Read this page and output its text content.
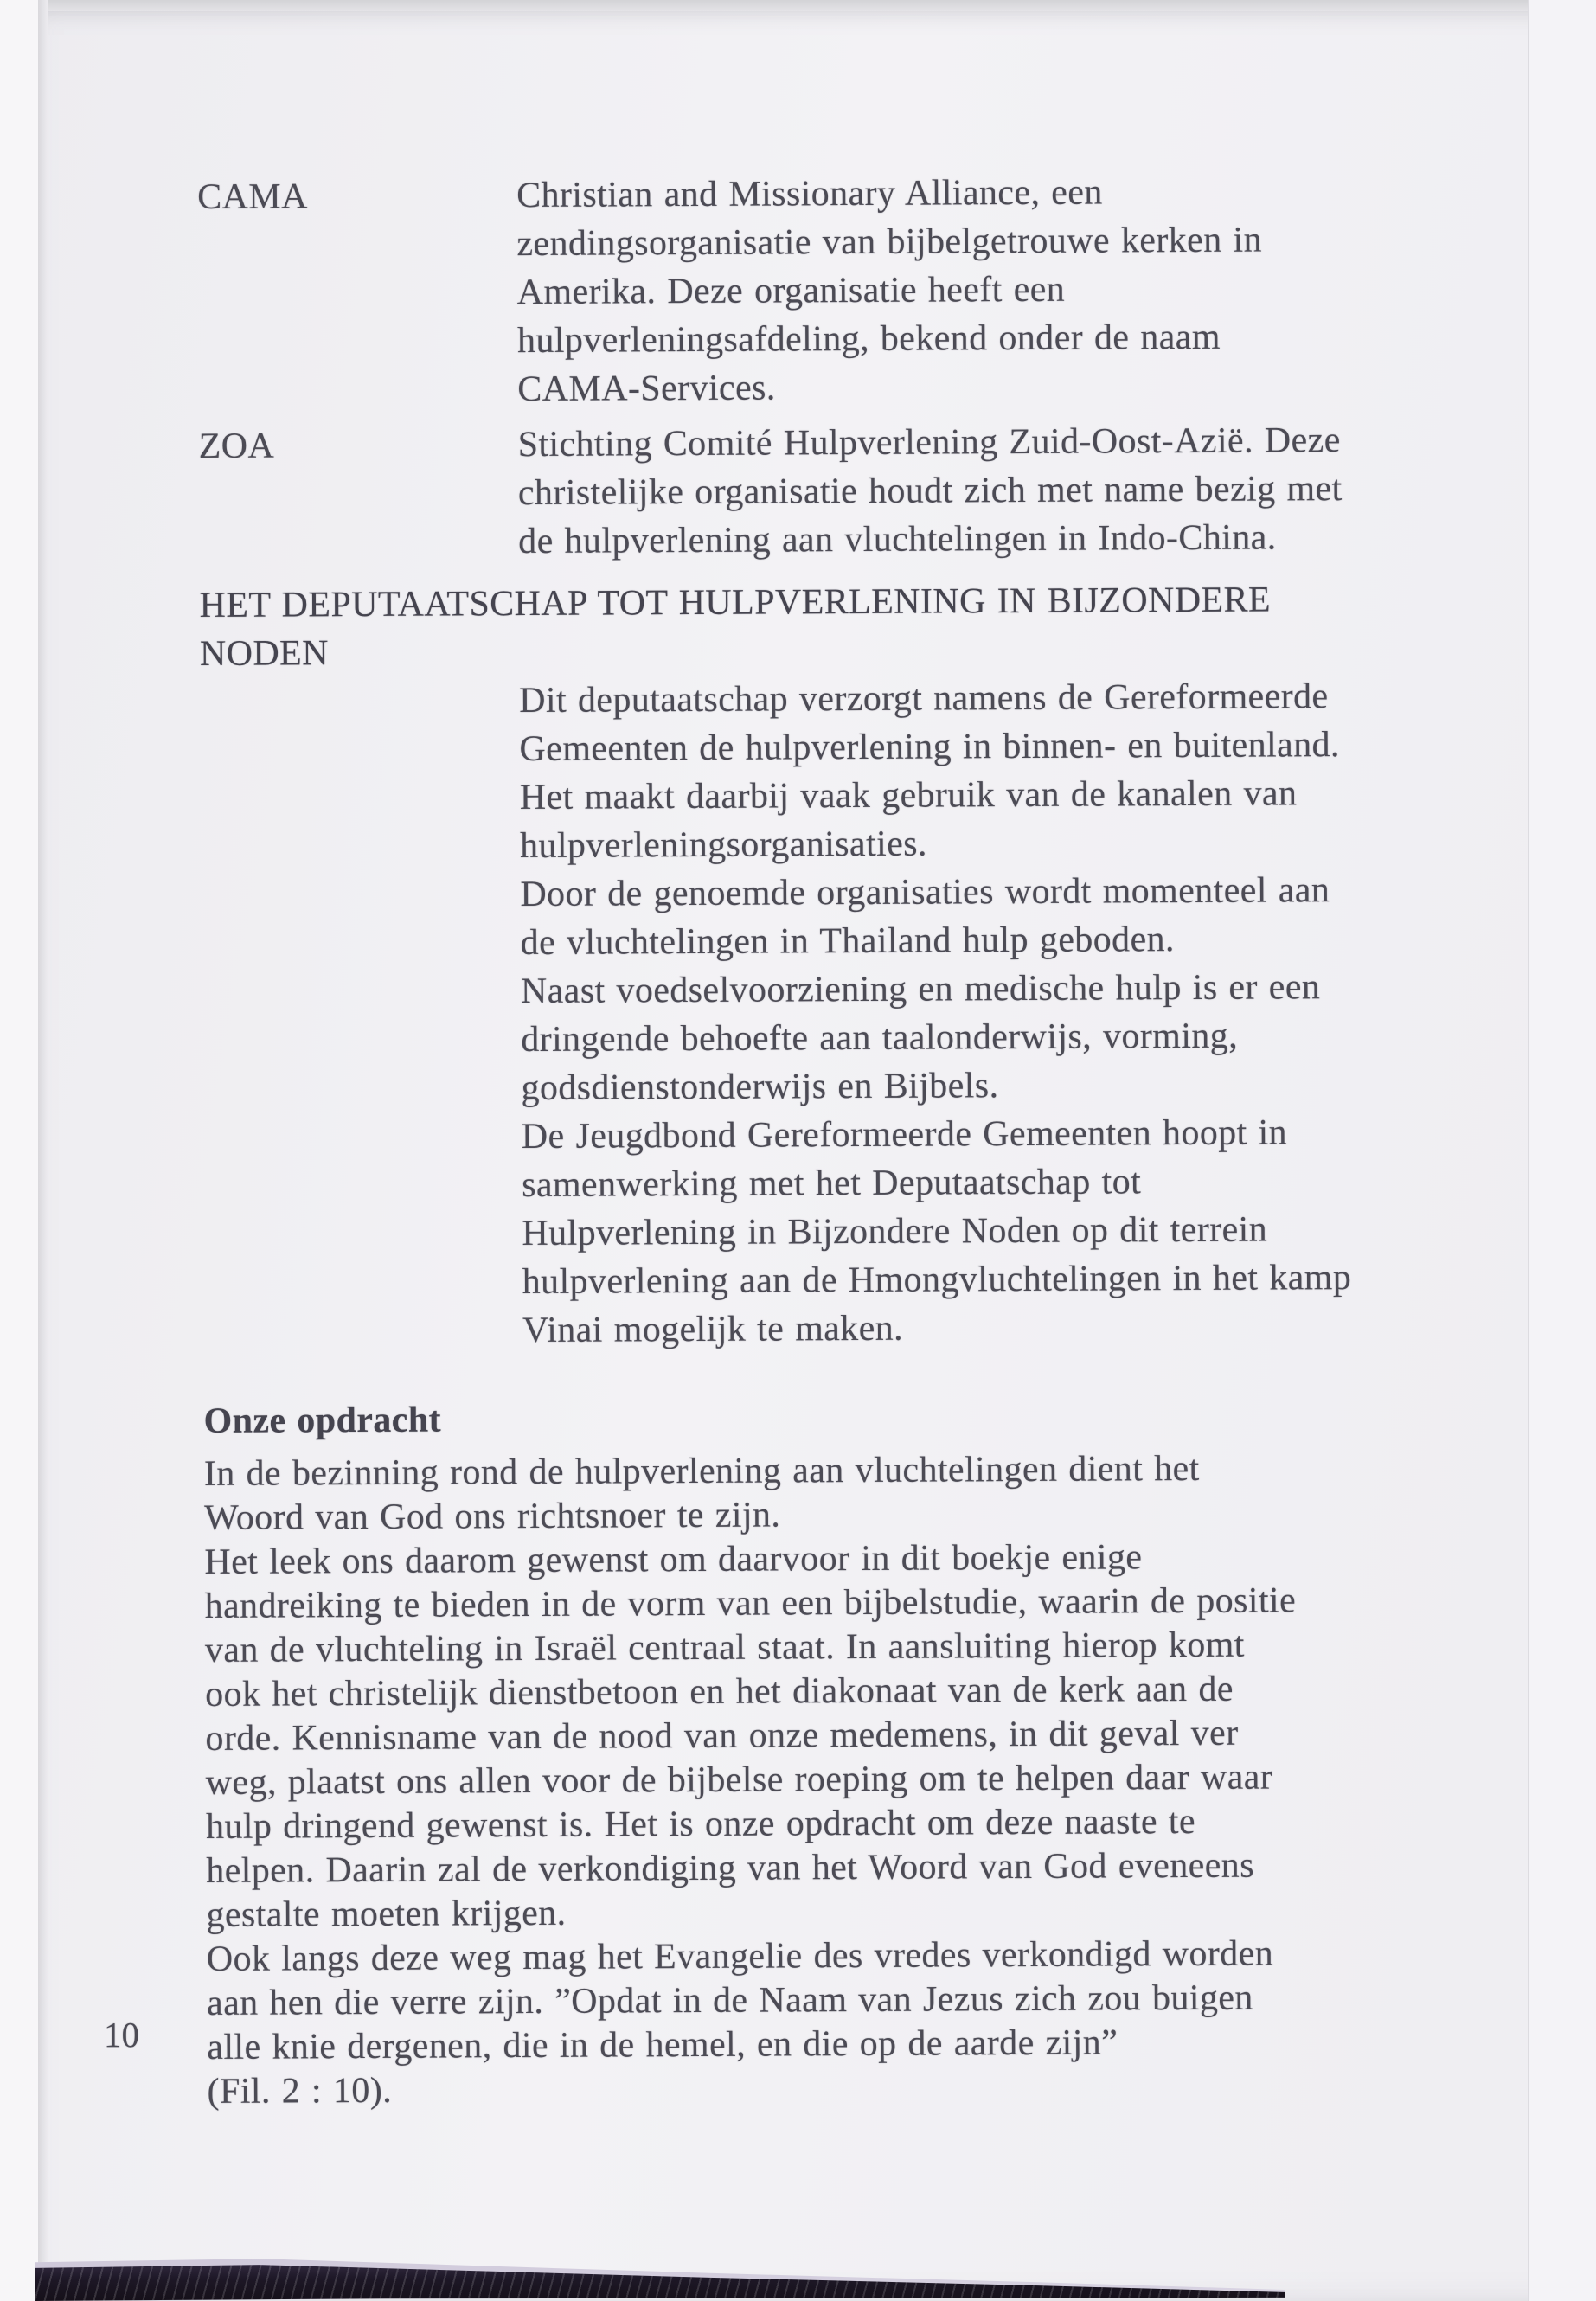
CAMA	Christian and Missionary Alliance, een
zendingsorganisatie van bijbelgetrouwe kerken in
Amerika. Deze organisatie heeft een
hulpverleningsafdeling, bekend onder de naam
CAMA-Services.
ZOA	Stichting Comité Hulpverlening Zuid-Oost-Azië. Deze
christelijke organisatie houdt zich met name bezig met
de hulpverlening aan vluchtelingen in Indo-China.
HET DEPUTAATSCHAP TOT HULPVERLENING IN BIJZONDERE
NODEN
Dit deputaatschap verzorgt namens de Gereformeerde
Gemeenten de hulpverlening in binnen- en buitenland.
Het maakt daarbij vaak gebruik van de kanalen van
hulpverleningsorganisaties.
Door de genoemde organisaties wordt momenteel aan
de vluchtelingen in Thailand hulp geboden.
Naast voedselvoorziening en medische hulp is er een
dringende behoefte aan taalonderwijs, vorming,
godsdienstonderwijs en Bijbels.
De Jeugdbond Gereformeerde Gemeenten hoopt in
samenwerking met het Deputaatschap tot
Hulpverlening in Bijzondere Noden op dit terrein
hulpverlening aan de Hmongvluchtelingen in het kamp
Vinai mogelijk te maken.
Onze opdracht
In de bezinning rond de hulpverlening aan vluchtelingen dient het
Woord van God ons richtsnoer te zijn.
Het leek ons daarom gewenst om daarvoor in dit boekje enige
handreiking te bieden in de vorm van een bijbelstudie, waarin de positie
van de vluchteling in Israël centraal staat. In aansluiting hierop komt
ook het christelijk dienstbetoon en het diakonaat van de kerk aan de
orde. Kennisname van de nood van onze medemens, in dit geval ver
weg, plaatst ons allen voor de bijbelse roeping om te helpen daar waar
hulp dringend gewenst is. Het is onze opdracht om deze naaste te
helpen. Daarin zal de verkondiging van het Woord van God eveneens
gestalte moeten krijgen.
Ook langs deze weg mag het Evangelie des vredes verkondigd worden
aan hen die verre zijn. ”Opdat in de Naam van Jezus zich zou buigen
alle knie dergenen, die in de hemel, en die op de aarde zijn”
(Fil. 2 : 10).
10
